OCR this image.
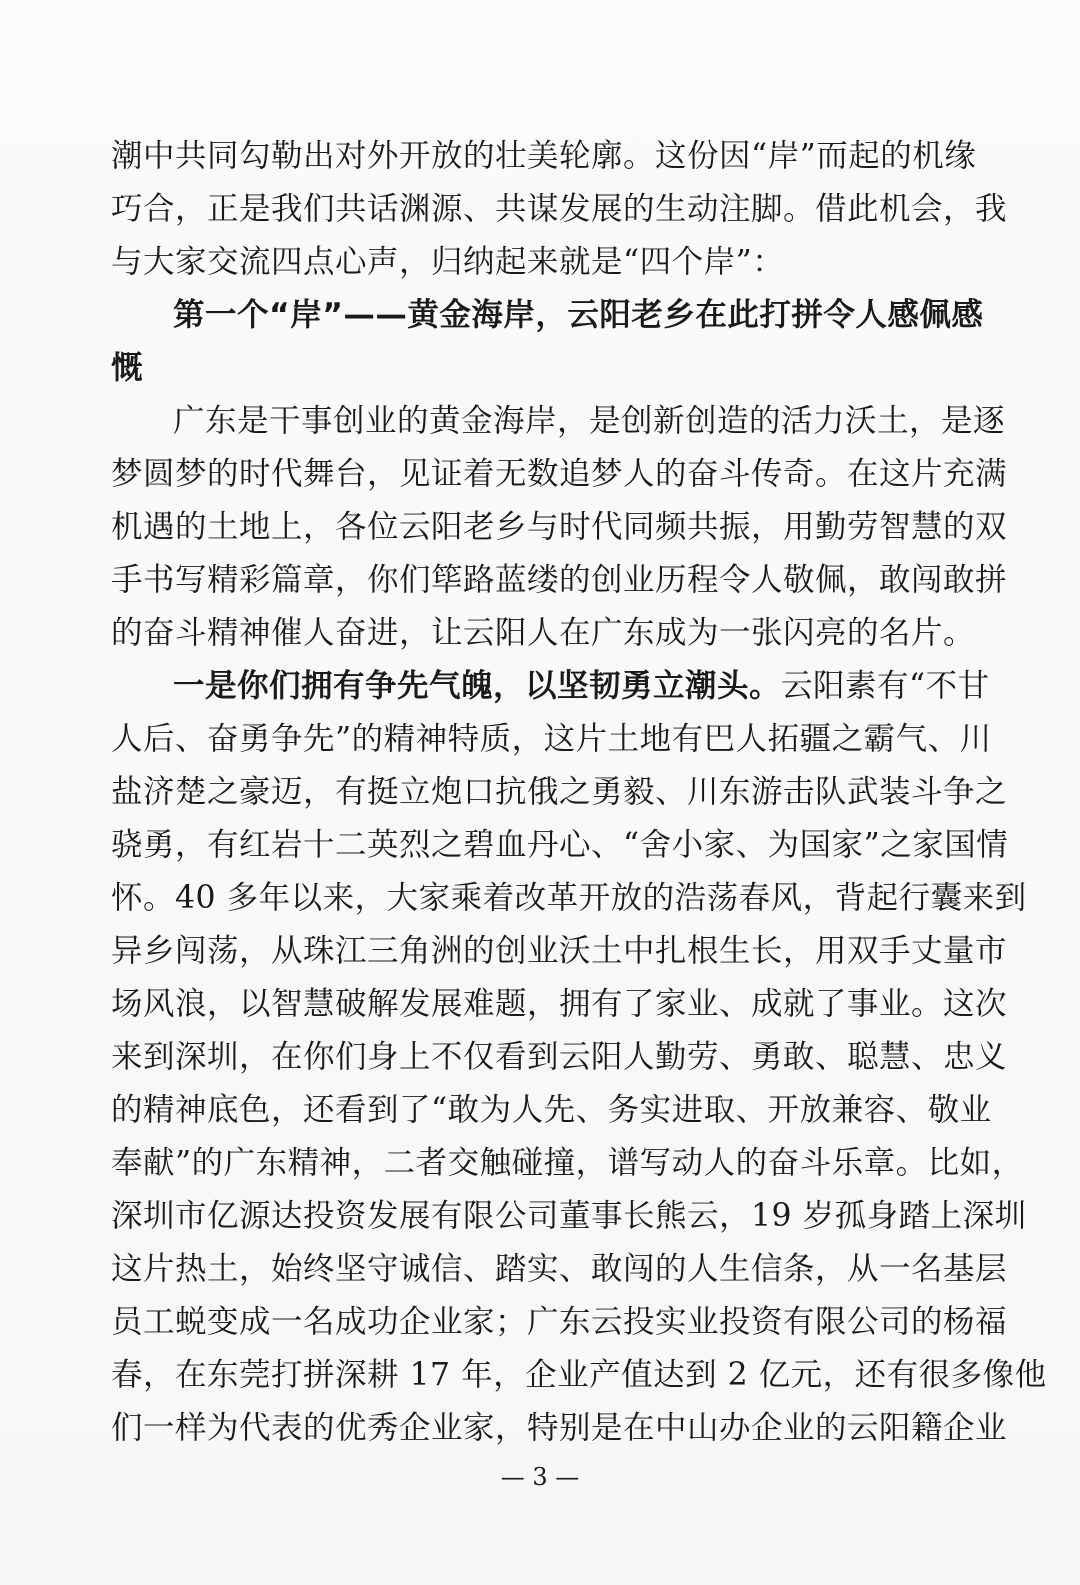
潮中共同勾勒出对外开放的壮美轮廓。这份因“岸”而起的机缘
巧合，正是我们共话渊源、共谋发展的生动注脚。借此机会，我
与大家交流四点心声，归纳起来就是“四个岸”：
第一个“岸”——黄金海岸，云阳老乡在此打拼令人感佩感
慨
广东是干事创业的黄金海岸，是创新创造的活力沃土，是逐
梦圆梦的时代舞台，见证着无数追梦人的奋斗传奇。在这片充满
机遇的土地上，各位云阳老乡与时代同频共振，用勤劳智慧的双
手书写精彩篇章，你们筚路蓝缕的创业历程令人敬佩，敢闯敢拼
的奋斗精神催人奋进，让云阳人在广东成为一张闪亮的名片。
一是你们拥有争先气魄，以坚韧勇立潮头。云阳素有“不甘
人后、奋勇争先”的精神特质，这片土地有巴人拓疆之霸气、川
盐济楚之豪迈，有挺立炮口抗俄之勇毅、川东游击队武装斗争之
骁勇，有红岩十二英烈之碧血丹心、“舍小家、为国家”之家国情
怀。40 多年以来，大家乘着改革开放的浩荡春风，背起行囊来到
异乡闯荡，从珠江三角洲的创业沃土中扎根生长，用双手丈量市
场风浪，以智慧破解发展难题，拥有了家业、成就了事业。这次
来到深圳，在你们身上不仅看到云阳人勤劳、勇敢、聪慧、忠义
的精神底色，还看到了“敢为人先、务实进取、开放兼容、敬业
奉献”的广东精神，二者交触碰撞，谱写动人的奋斗乐章。比如，
深圳市亿源达投资发展有限公司董事长熊云，19 岁孤身踏上深圳
这片热土，始终坚守诚信、踏实、敢闯的人生信条，从一名基层
员工蜕变成一名成功企业家；广东云投实业投资有限公司的杨福
春，在东莞打拼深耕 17 年，企业产值达到 2 亿元，还有很多像他
们一样为代表的优秀企业家，特别是在中山办企业的云阳籍企业
— 3 —
